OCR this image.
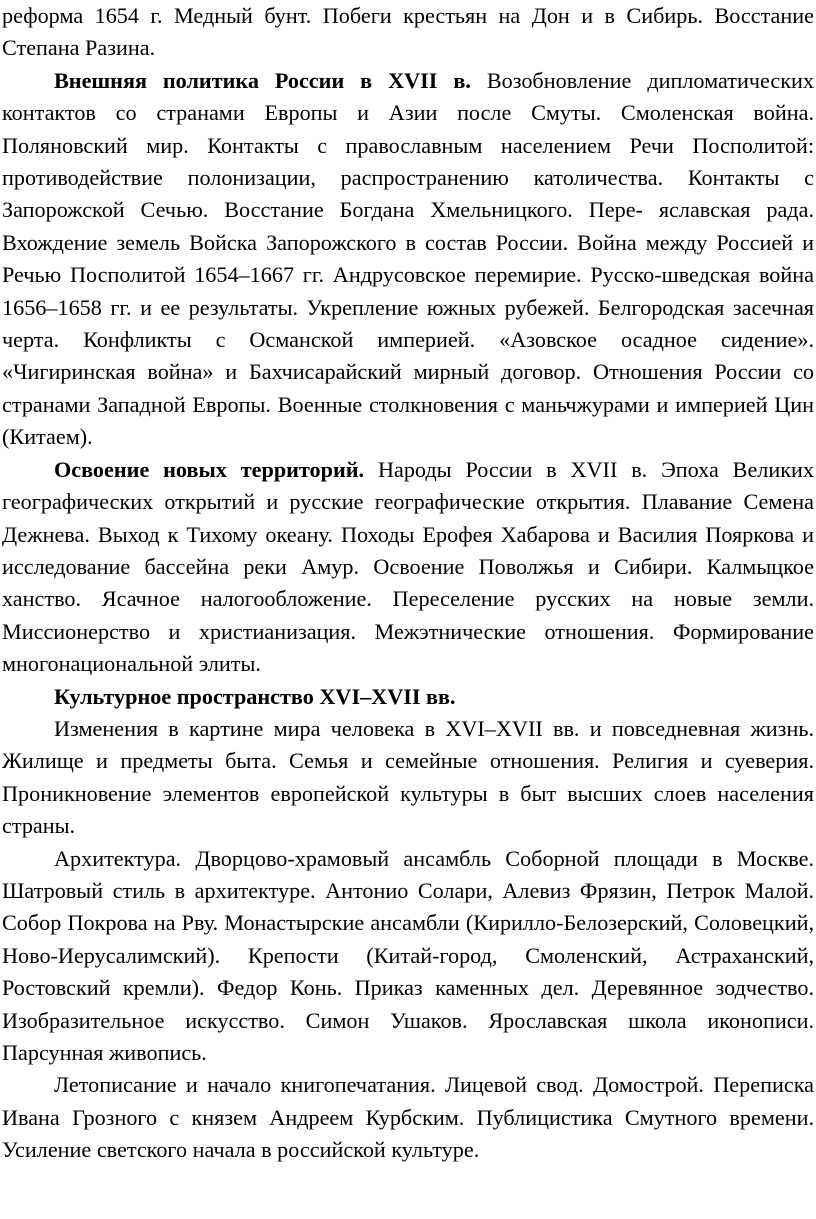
реформа 1654 г. Медный бунт. Побеги крестьян на Дон и в Сибирь. Восстание Степана Разина.

Внешняя политика России в XVII в. Возобновление дипломатических контактов со странами Европы и Азии после Смуты. Смоленская война. Поляновский мир. Контакты с православным населением Речи Посполитой: противодействие полонизации, распространению католичества. Контакты с Запорожской Сечью. Восстание Богдана Хмельницкого. Пере- яславская рада. Вхождение земель Войска Запорожского в состав России. Война между Россией и Речью Посполитой 1654–1667 гг. Андрусовское перемирие. Русско-шведская война 1656–1658 гг. и ее результаты. Укрепление южных рубежей. Белгородская засечная черта. Конфликты с Османской империей. «Азовское осадное сидение». «Чигиринская война» и Бахчисарайский мирный договор. Отношения России со странами Западной Европы. Военные столкновения с маньчжурами и империей Цин (Китаем).

Освоение новых территорий. Народы России в XVII в. Эпоха Великих географических открытий и русские географические открытия. Плавание Семена Дежнева. Выход к Тихому океану. Походы Ерофея Хабарова и Василия Пояркова и исследование бассейна реки Амур. Освоение Поволжья и Сибири. Калмыцкое ханство. Ясачное налогообложение. Переселение русских на новые земли. Миссионерство и христианизация. Межэтнические отношения. Формирование многонациональной элиты.

Культурное пространство XVI–XVII вв.

Изменения в картине мира человека в XVI–XVII вв. и повседневная жизнь. Жилище и предметы быта. Семья и семейные отношения. Религия и суеверия. Проникновение элементов европейской культуры в быт высших слоев населения страны.

Архитектура. Дворцово-храмовый ансамбль Соборной площади в Москве. Шатровый стиль в архитектуре. Антонио Солари, Алевиз Фрязин, Петрок Малой. Собор Покрова на Рву. Монастырские ансамбли (Кирилло-Белозерский, Соловецкий, Ново-Иерусалимский). Крепости (Китай-город, Смоленский, Астраханский, Ростовский кремли). Федор Конь. Приказ каменных дел. Деревянное зодчество. Изобразительное искусство. Симон Ушаков. Ярославская школа иконописи. Парсунная живопись.

Летописание и начало книгопечатания. Лицевой свод. Домострой. Переписка Ивана Грозного с князем Андреем Курбским. Публицистика Смутного времени. Усиление светского начала в российской культуре.
